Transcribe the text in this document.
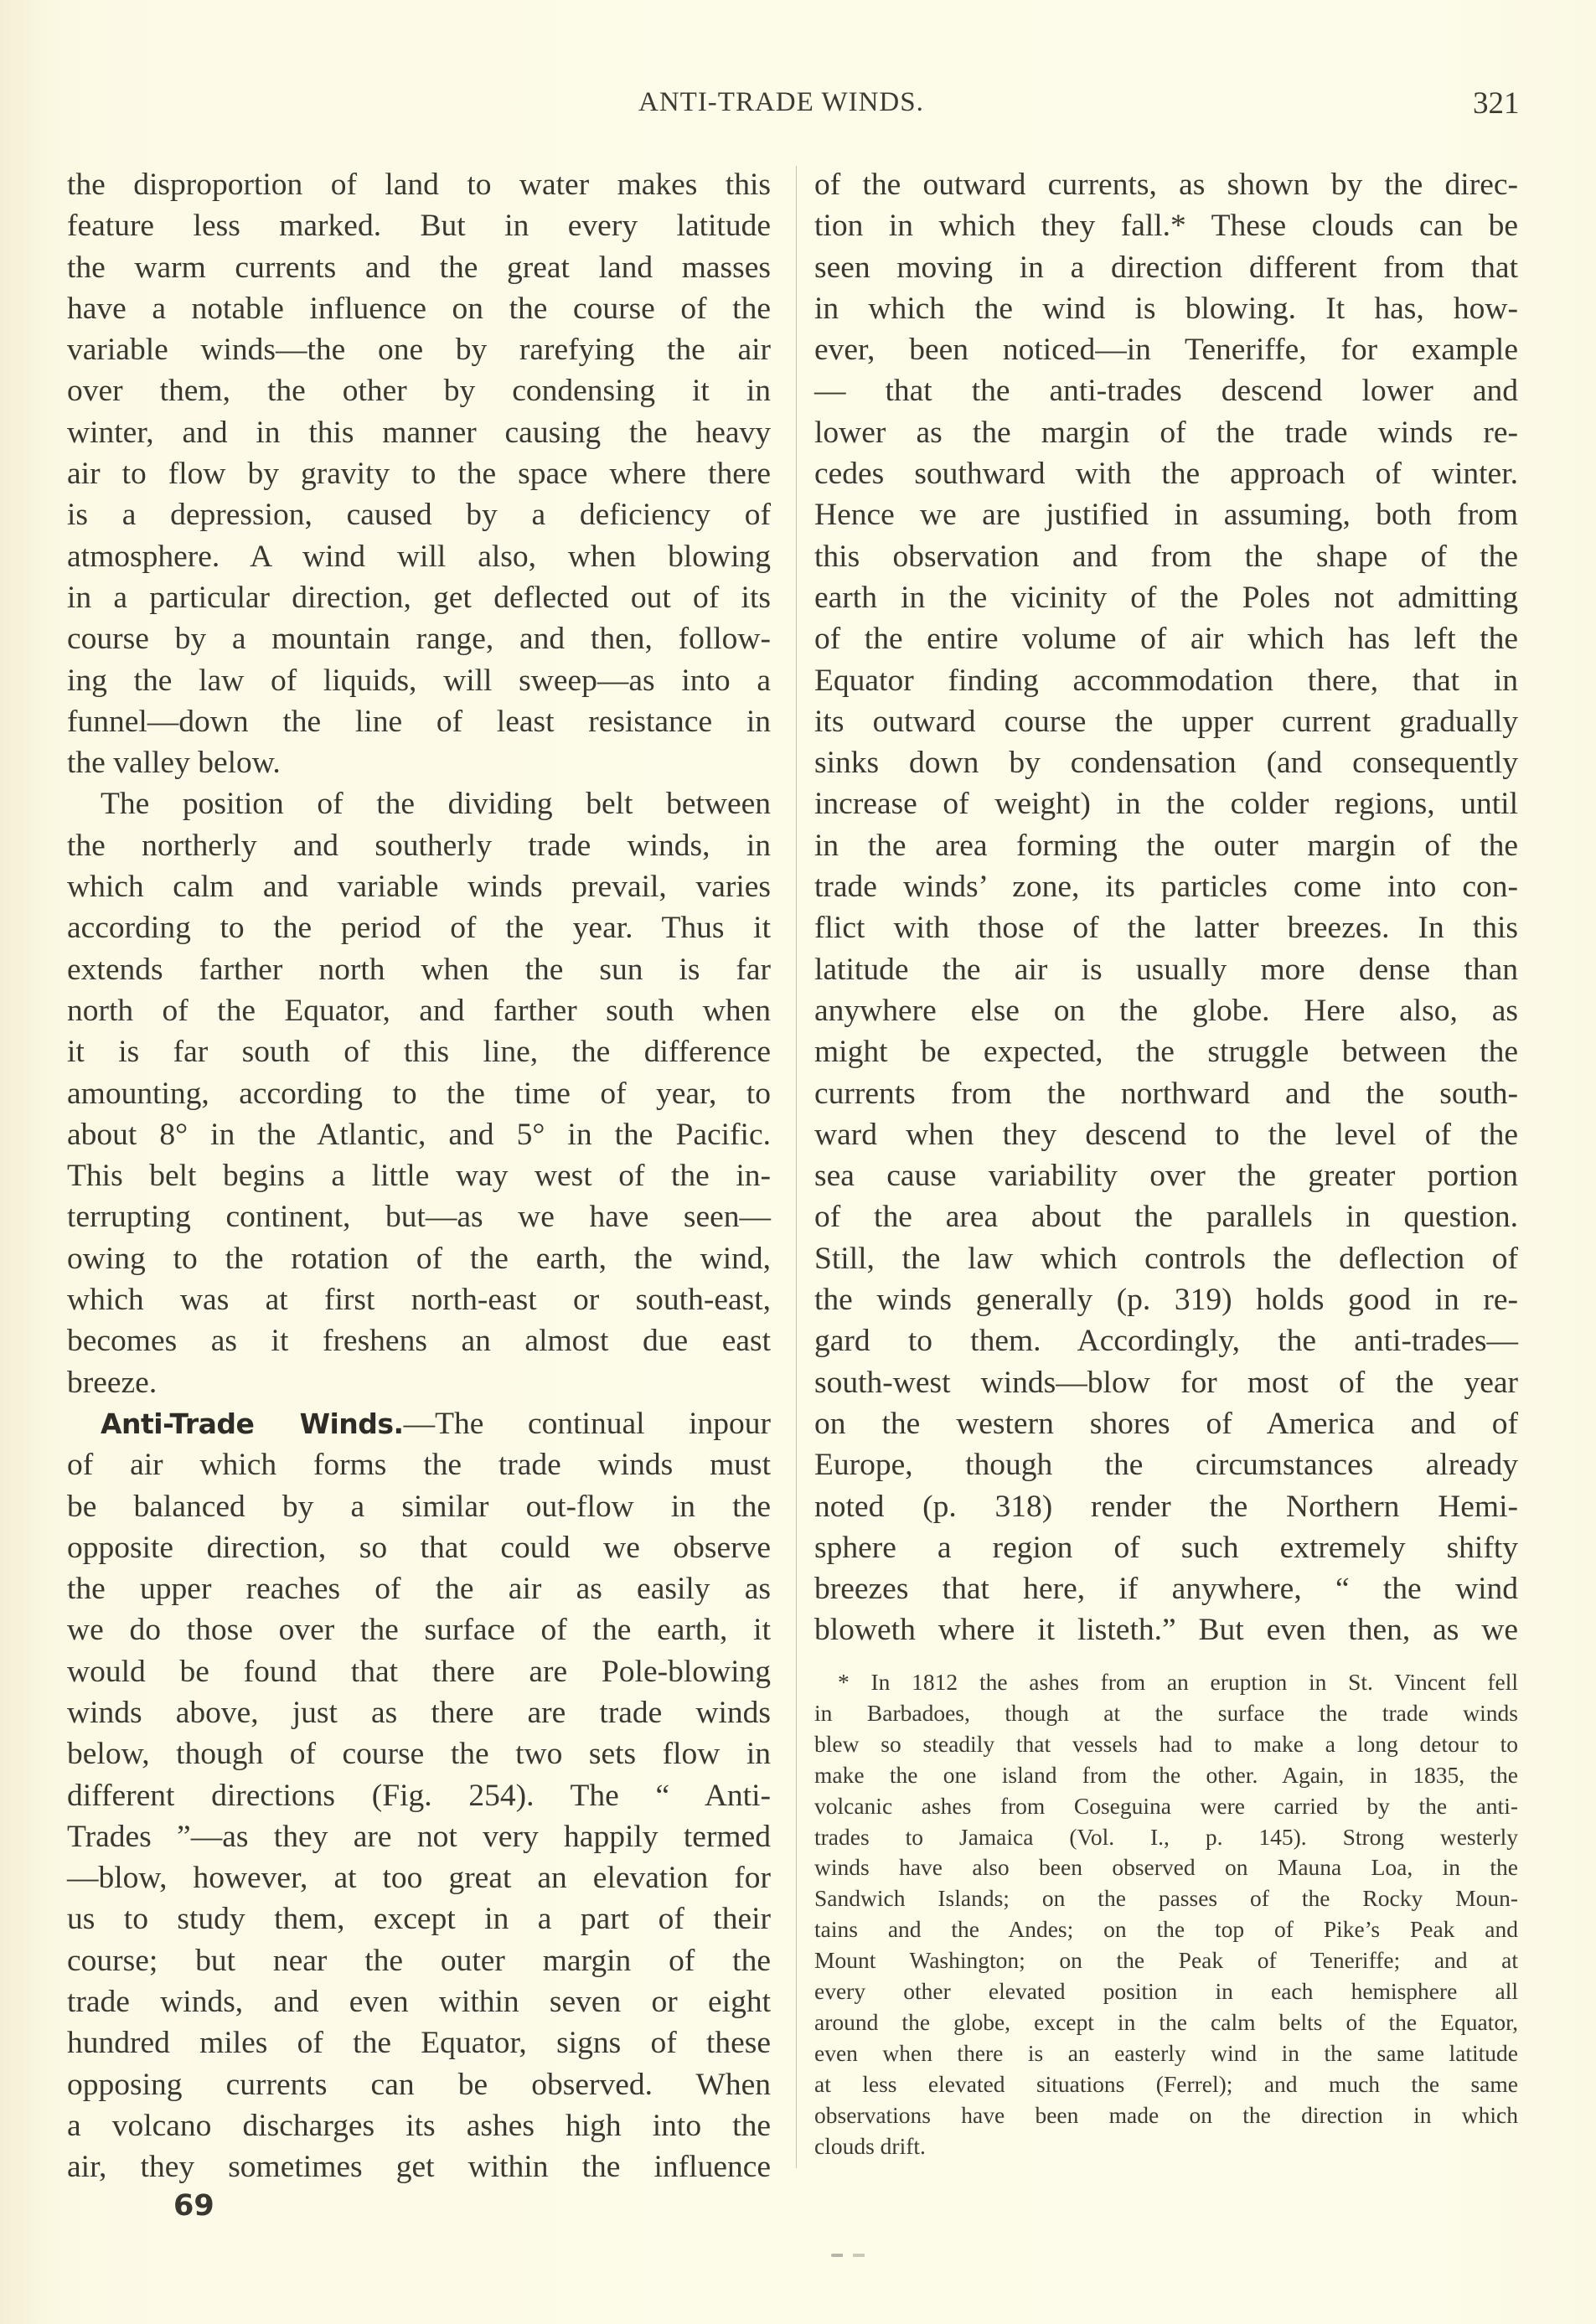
ANTI-TRADE WINDS.	321
the disproportion of land to water makes this
feature less marked. But in every latitude
the warm currents and the great land masses
have a notable influence on the course of the
variable winds—the one by rarefying the air
over them, the other by condensing it in
winter, and in this manner causing the heavy
air to flow by gravity to the space where there
is a depression, caused by a deficiency of
atmosphere. A wind will also, when blowing
in a particular direction, get deflected out of its
course by a mountain range, and then, follow-
ing the law of liquids, will sweep—as into a
funnel—down the line of least resistance in
the valley below.
The position of the dividing belt between
the northerly and southerly trade winds, in
which calm and variable winds prevail, varies
according to the period of the year. Thus it
extends farther north when the sun is far
north of the Equator, and farther south when
it is far south of this line, the difference
amounting, according to the time of year, to
about 8° in the Atlantic, and 5° in the Pacific.
This belt begins a little way west of the in-
terrupting continent, but—as we have seen—
owing to the rotation of the earth, the wind,
which was at first north-east or south-east,
becomes as it freshens an almost due east
breeze.
Anti-Trade Winds.—The continual inpour
of air which forms the trade winds must
be balanced by a similar out-flow in the
opposite direction, so that could we observe
the upper reaches of the air as easily as
we do those over the surface of the earth, it
would be found that there are Pole-blowing
winds above, just as there are trade winds
below, though of course the two sets flow in
different directions (Fig. 254). The “ Anti-
Trades ”—as they are not very happily termed
—blow, however, at too great an elevation for
us to study them, except in a part of their
course; but near the outer margin of the
trade winds, and even within seven or eight
hundred miles of the Equator, signs of these
opposing currents can be observed. When
a volcano discharges its ashes high into the
air, they sometimes get within the influence
of the outward currents, as shown by the direc-
tion in which they fall.* These clouds can be
seen moving in a direction different from that
in which the wind is blowing. It has, how-
ever, been noticed—in Teneriffe, for example
— that the anti-trades descend lower and
lower as the margin of the trade winds re-
cedes southward with the approach of winter.
Hence we are justified in assuming, both from
this observation and from the shape of the
earth in the vicinity of the Poles not admitting
of the entire volume of air which has left the
Equator finding accommodation there, that in
its outward course the upper current gradually
sinks down by condensation (and consequently
increase of weight) in the colder regions, until
in the area forming the outer margin of the
trade winds’ zone, its particles come into con-
flict with those of the latter breezes. In this
latitude the air is usually more dense than
anywhere else on the globe. Here also, as
might be expected, the struggle between the
currents from the northward and the south-
ward when they descend to the level of the
sea cause variability over the greater portion
of the area about the parallels in question.
Still, the law which controls the deflection of
the winds generally (p. 319) holds good in re-
gard to them. Accordingly, the anti-trades—
south-west winds—blow for most of the year
on the western shores of America and of
Europe, though the circumstances already
noted (p. 318) render the Northern Hemi-
sphere a region of such extremely shifty
breezes that here, if anywhere, “ the wind
bloweth where it listeth.” But even then, as we
* In 1812 the ashes from an eruption in St. Vincent fell
in Barbadoes, though at the surface the trade winds
blew so steadily that vessels had to make a long detour to
make the one island from the other. Again, in 1835, the
volcanic ashes from Coseguina were carried by the anti-
trades to Jamaica (Vol. I., p. 145). Strong westerly
winds have also been observed on Mauna Loa, in the
Sandwich Islands; on the passes of the Rocky Moun-
tains and the Andes; on the top of Pike’s Peak and
Mount Washington; on the Peak of Teneriffe; and at
every other elevated position in each hemisphere all
around the globe, except in the calm belts of the Equator,
even when there is an easterly wind in the same latitude
at less elevated situations (Ferrel); and much the same
observations have been made on the direction in which
clouds drift.
69
